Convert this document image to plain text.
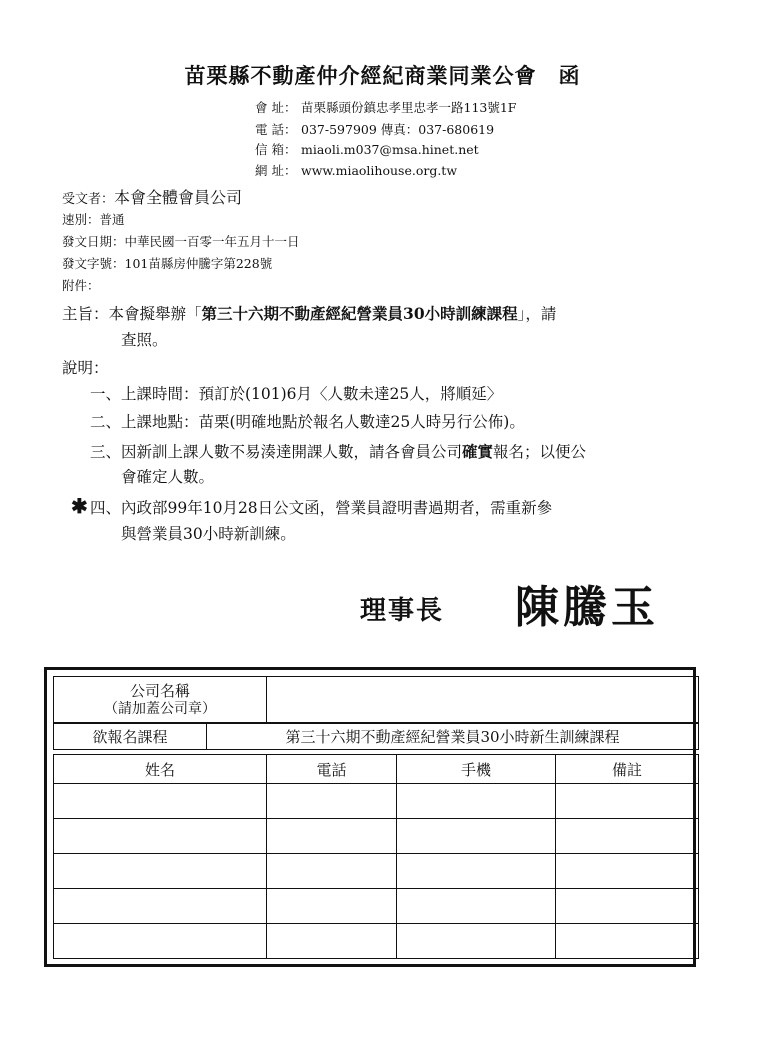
苗栗縣不動產仲介經紀商業同業公會 函
會 址： 苗栗縣頭份鎮忠孝里忠孝一路113號1F
電 話： 037-597909 傳真：037-680619
信 箱： miaoli.m037@msa.hinet.net
網 址： www.miaolihouse.org.tw
受文者：本會全體會員公司
速別：普通
發文日期：中華民國一百零一年五月十一日
發文字號：101苗縣房仲騰字第228號
附件：
主旨：本會擬舉辦「第三十六期不動產經紀營業員30小時訓練課程」，請
查照。
說明：
一、上課時間：預訂於(101)6月〈人數未達25人，將順延〉
二、上課地點：苗栗(明確地點於報名人數達25人時另行公佈)。
三、因新訓上課人數不易湊達開課人數，請各會員公司確實報名；以便公
會確定人數。
✱ 四、內政部99年10月28日公文函，營業員證明書過期者，需重新參
與營業員30小時新訓練。
理事長 陳騰玉
公司名稱
（請加蓋公司章）

欲報名課程	第三十六期不動產經紀營業員30小時新生訓練課程
姓名	電話	手機	備註
